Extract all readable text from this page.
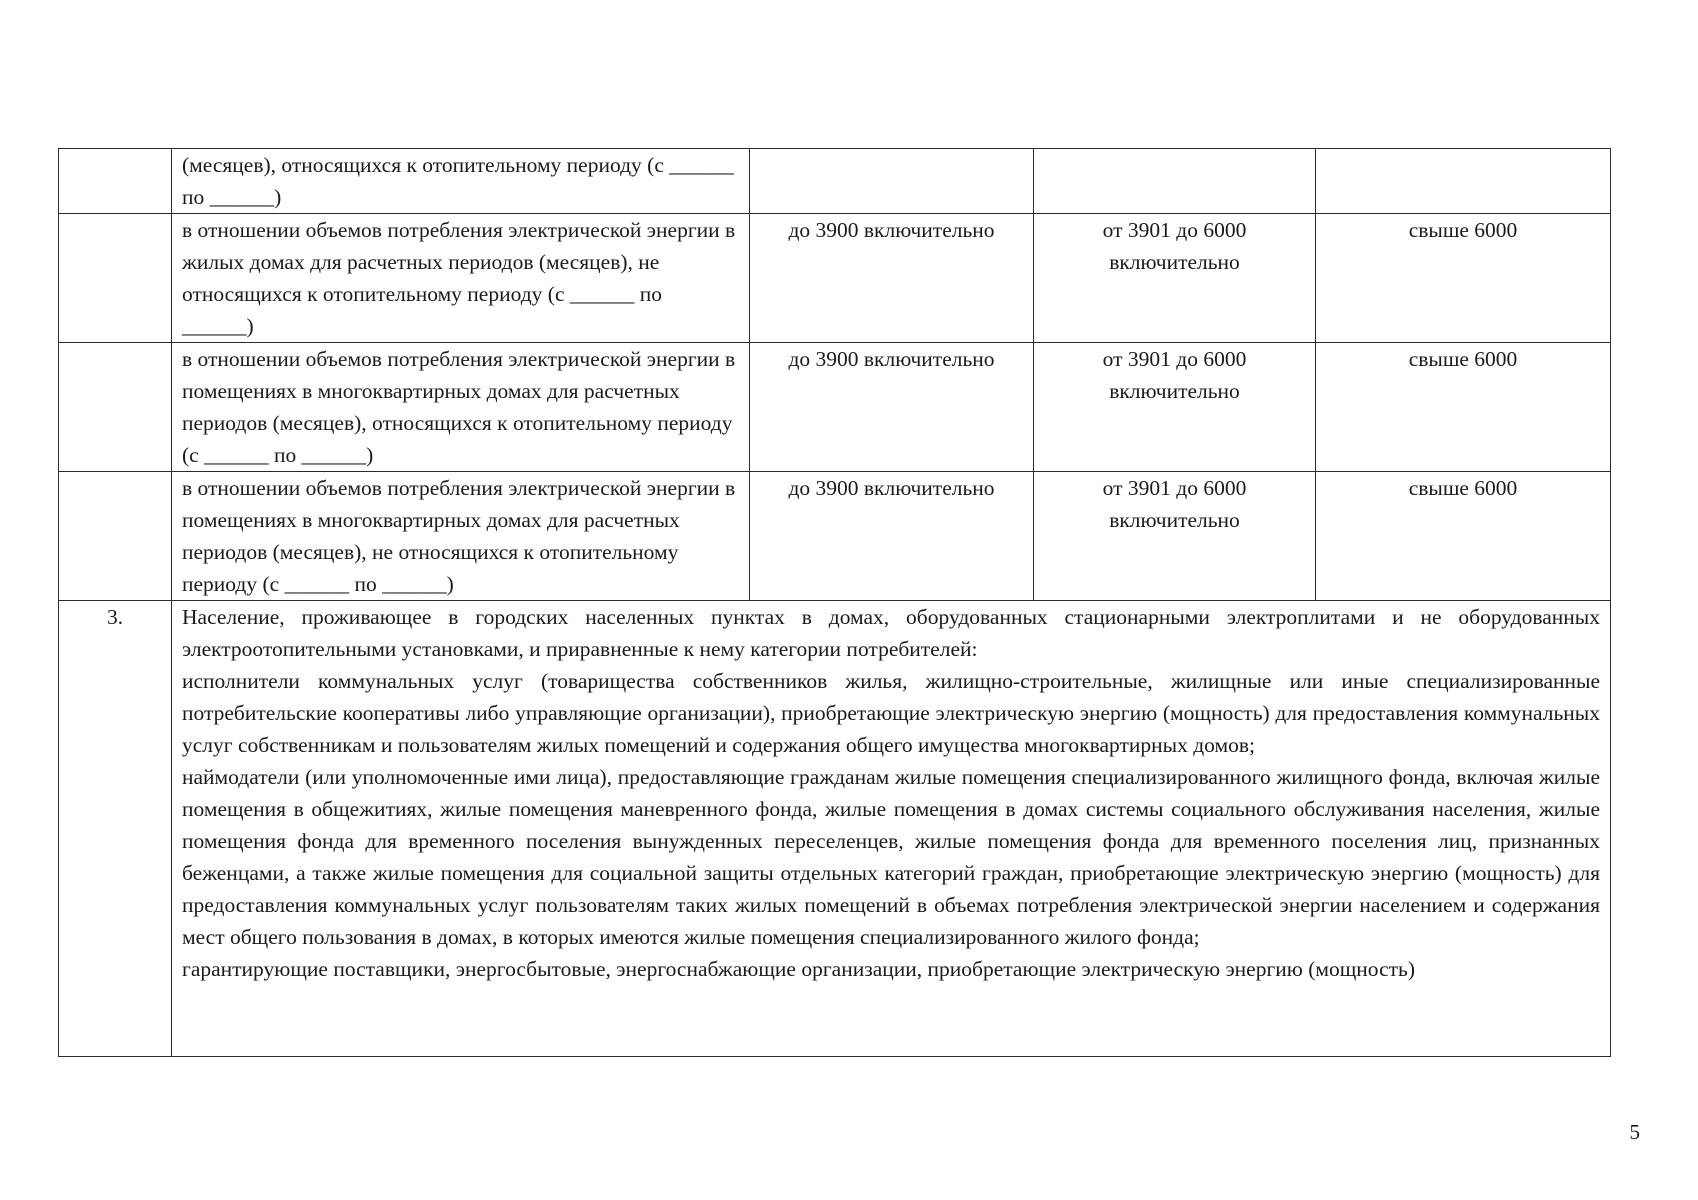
	(месяцев), относящихся к отопительному периоду (с ______ по ______)			
	в отношении объемов потребления электрической энергии в жилых домах для расчетных периодов (месяцев), не относящихся к отопительному периоду (с ______ по ______)	до 3900 включительно	от 3901 до 6000 включительно	свыше 6000
	в отношении объемов потребления электрической энергии в помещениях в многоквартирных домах для расчетных периодов (месяцев), относящихся к отопительному периоду (с ______ по ______)	до 3900 включительно	от 3901 до 6000 включительно	свыше 6000
	в отношении объемов потребления электрической энергии в помещениях в многоквартирных домах для расчетных периодов (месяцев), не относящихся к отопительному периоду (с ______ по ______)	до 3900 включительно	от 3901 до 6000 включительно	свыше 6000
3.	Население, проживающее в городских населенных пунктах в домах, оборудованных стационарными электроплитами и не оборудованных электроотопительными установками, и приравненные к нему категории потребителей:

исполнители коммунальных услуг (товарищества собственников жилья, жилищно-строительные, жилищные или иные специализированные потребительские кооперативы либо управляющие организации), приобретающие электрическую энергию (мощность) для предоставления коммунальных услуг собственникам и пользователям жилых помещений и содержания общего имущества многоквартирных домов;

наймодатели (или уполномоченные ими лица), предоставляющие гражданам жилые помещения специализированного жилищного фонда, включая жилые помещения в общежитиях, жилые помещения маневренного фонда, жилые помещения в домах системы социального обслуживания населения, жилые помещения фонда для временного поселения вынужденных переселенцев, жилые помещения фонда для временного поселения лиц, признанных беженцами, а также жилые помещения для социальной защиты отдельных категорий граждан, приобретающие электрическую энергию (мощность) для предоставления коммунальных услуг пользователям таких жилых помещений в объемах потребления электрической энергии населением и содержания мест общего пользования в домах, в которых имеются жилые помещения специализированного жилого фонда;

гарантирующие поставщики, энергосбытовые, энергоснабжающие организации, приобретающие электрическую энергию (мощность)			

5
